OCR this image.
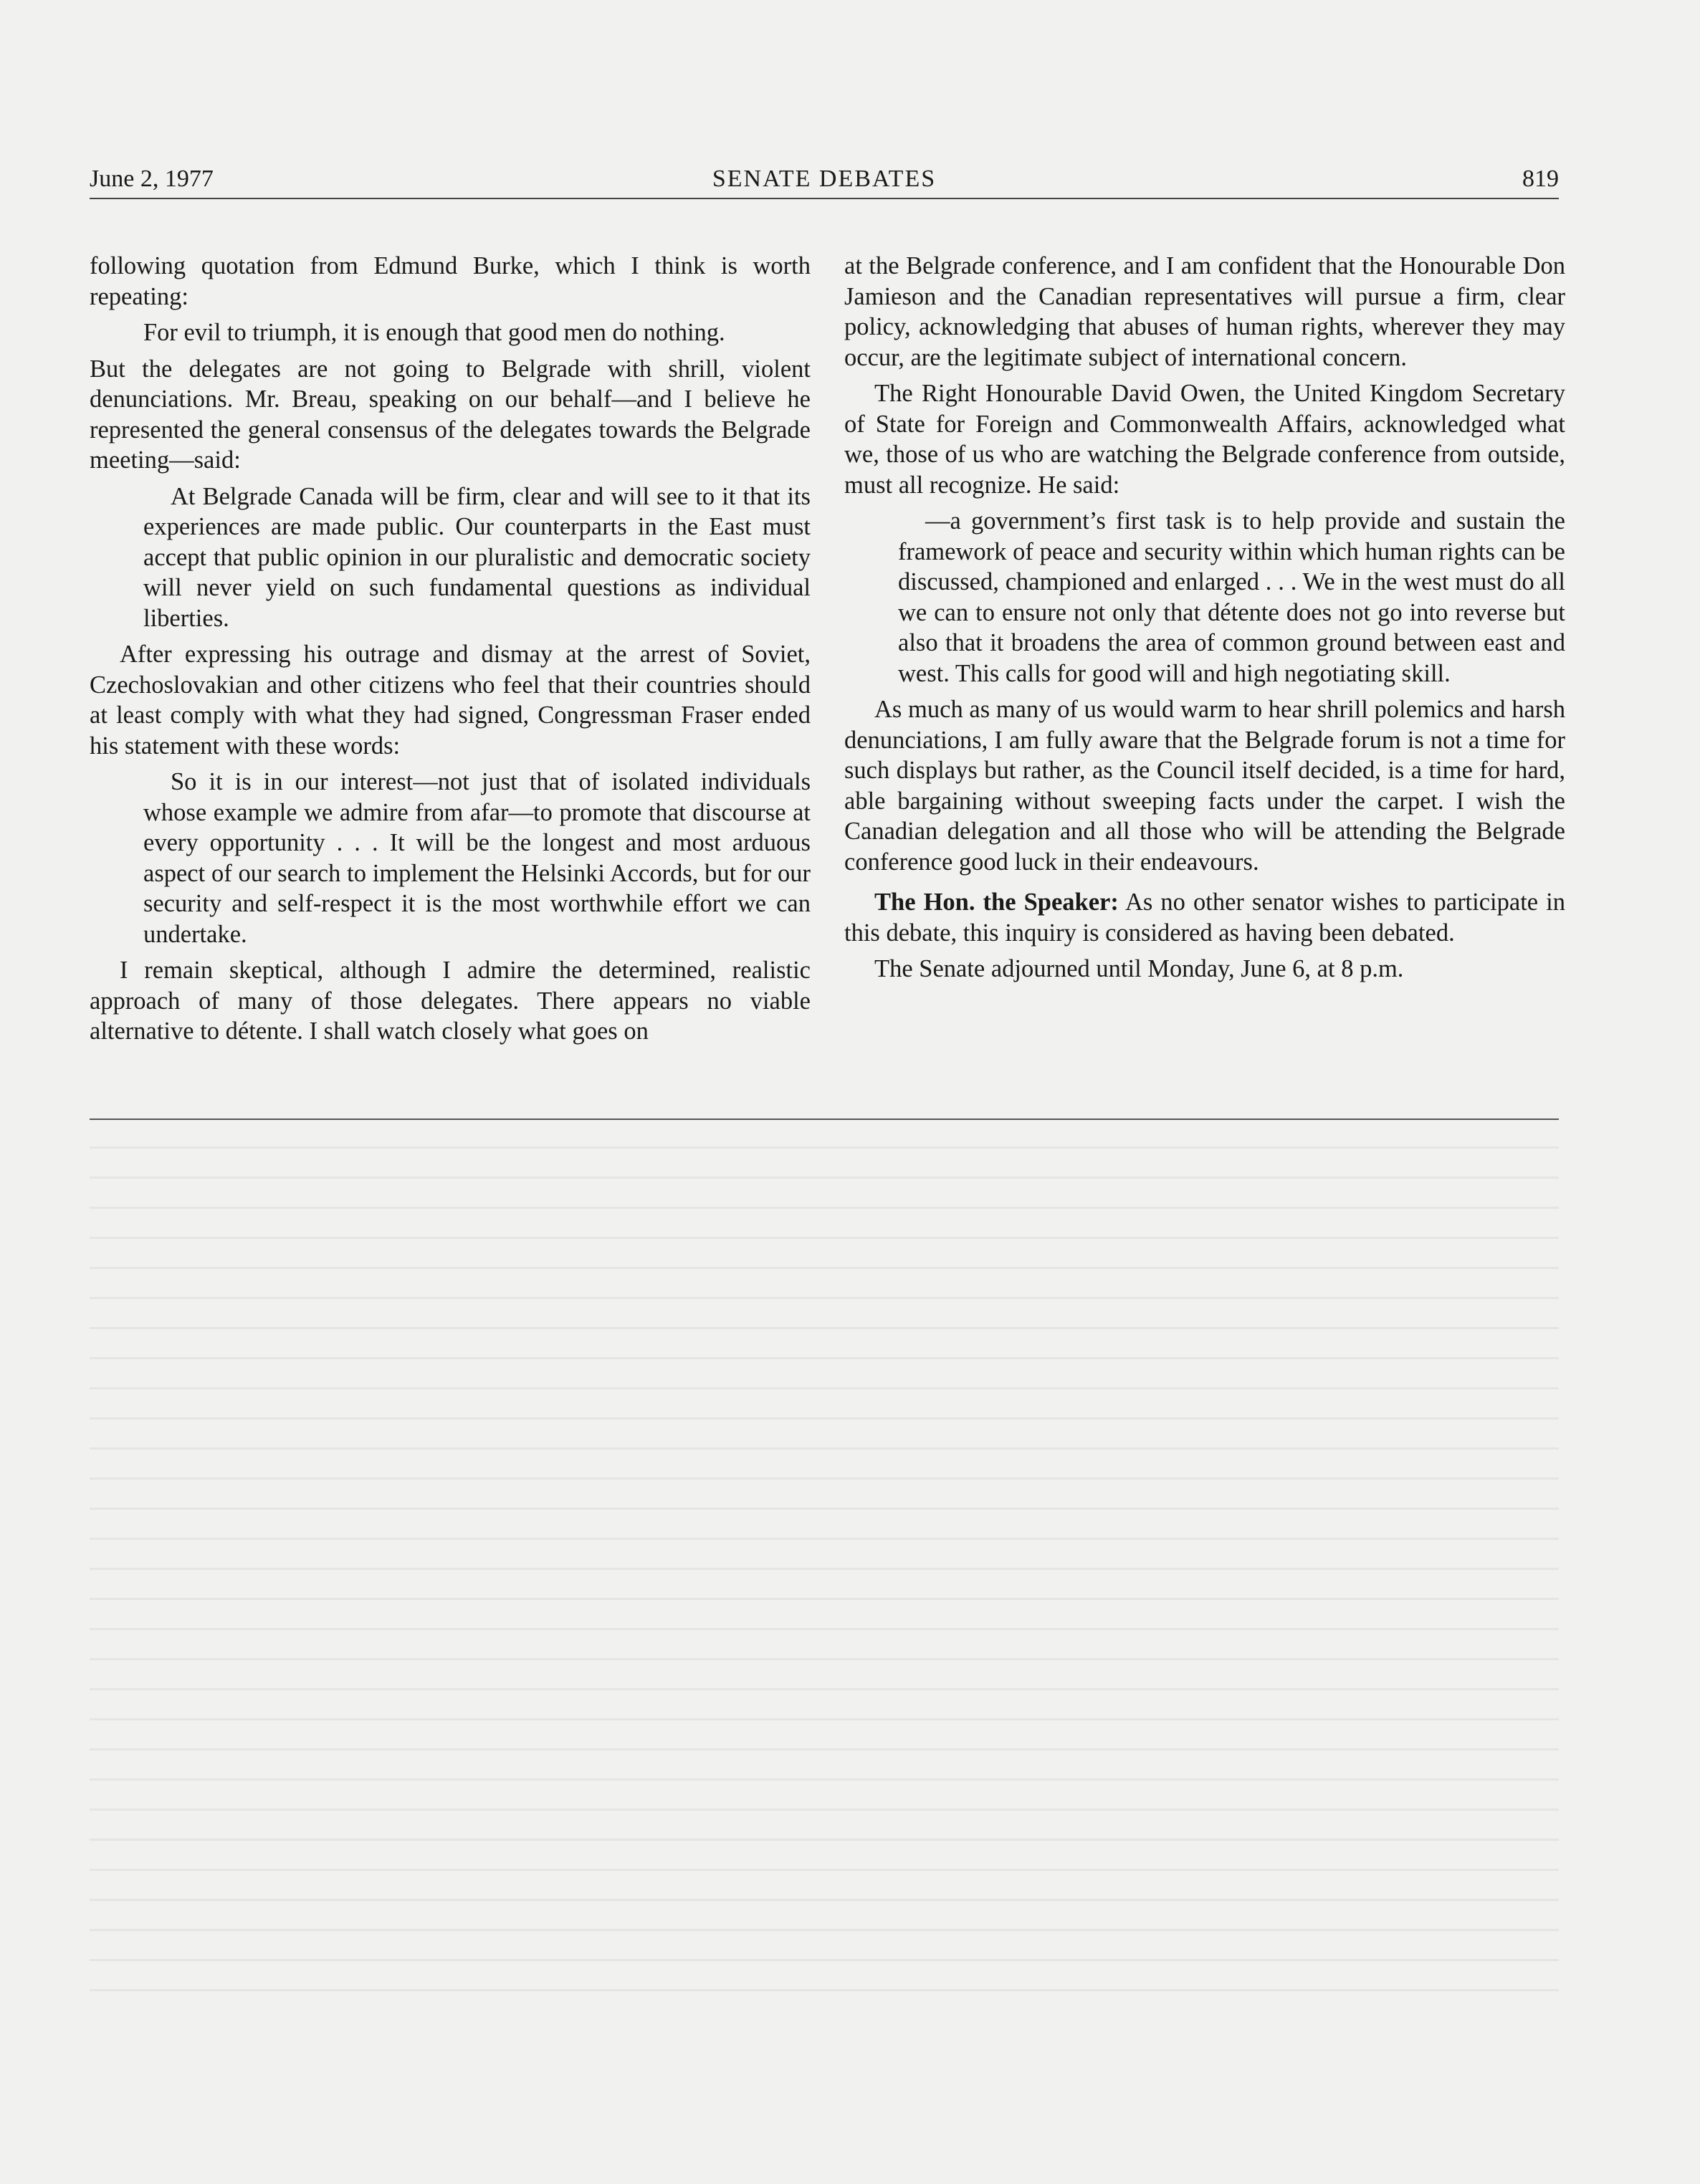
SENATE DEBATES
June 2, 1977	819

following quotation from Edmund Burke, which I think is worth repeating:

For evil to triumph, it is enough that good men do nothing.

But the delegates are not going to Belgrade with shrill, violent denunciations. Mr. Breau, speaking on our behalf—and I believe he represented the general consensus of the delegates towards the Belgrade meeting—said:

At Belgrade Canada will be firm, clear and will see to it that its experiences are made public. Our counterparts in the East must accept that public opinion in our pluralistic and democratic society will never yield on such fundamental questions as individual liberties.

After expressing his outrage and dismay at the arrest of Soviet, Czechoslovakian and other citizens who feel that their countries should at least comply with what they had signed, Congressman Fraser ended his statement with these words:

So it is in our interest—not just that of isolated individuals whose example we admire from afar—to promote that discourse at every opportunity . . . It will be the longest and most arduous aspect of our search to implement the Helsinki Accords, but for our security and self-respect it is the most worthwhile effort we can undertake.

I remain skeptical, although I admire the determined, realistic approach of many of those delegates. There appears no viable alternative to détente. I shall watch closely what goes on

at the Belgrade conference, and I am confident that the Honourable Don Jamieson and the Canadian representatives will pursue a firm, clear policy, acknowledging that abuses of human rights, wherever they may occur, are the legitimate subject of international concern.

The Right Honourable David Owen, the United Kingdom Secretary of State for Foreign and Commonwealth Affairs, acknowledged what we, those of us who are watching the Belgrade conference from outside, must all recognize. He said:

—a government’s first task is to help provide and sustain the framework of peace and security within which human rights can be discussed, championed and enlarged . . . We in the west must do all we can to ensure not only that détente does not go into reverse but also that it broadens the area of common ground between east and west. This calls for good will and high negotiating skill.

As much as many of us would warm to hear shrill polemics and harsh denunciations, I am fully aware that the Belgrade forum is not a time for such displays but rather, as the Council itself decided, is a time for hard, able bargaining without sweeping facts under the carpet. I wish the Canadian delegation and all those who will be attending the Belgrade conference good luck in their endeavours.

The Hon. the Speaker: As no other senator wishes to participate in this debate, this inquiry is considered as having been debated.

The Senate adjourned until Monday, June 6, at 8 p.m.
